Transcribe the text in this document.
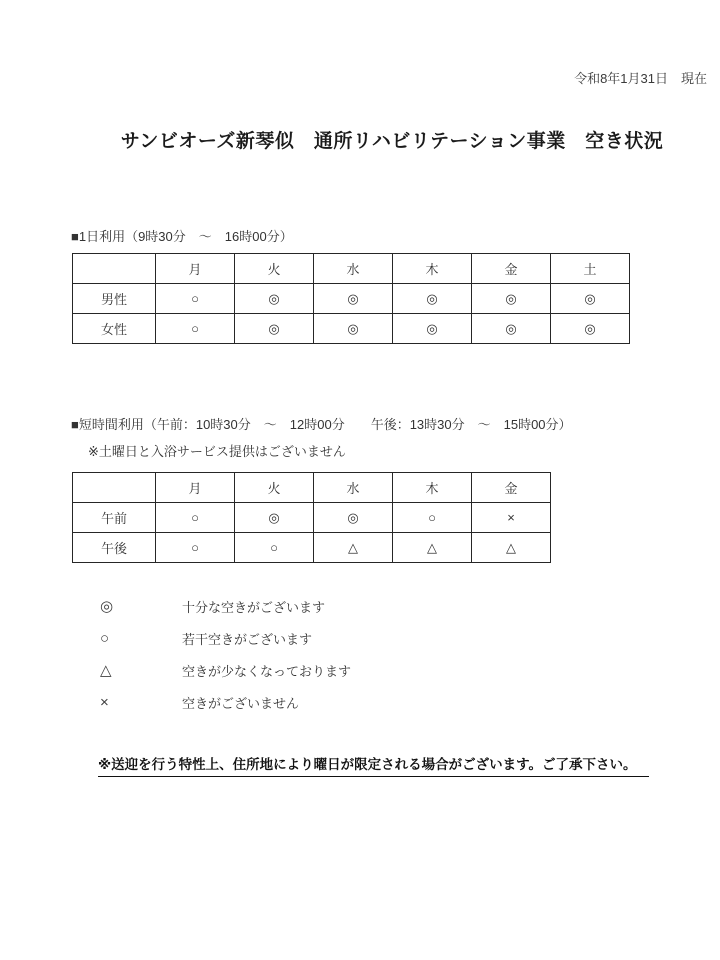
令和8年1月31日　現在
サンビオーズ新琴似　通所リハビリテーション事業　空き状況
■1日利用（9時30分　～　16時00分）
	月	火	水	木	金	土
男性	○	◎	◎	◎	◎	◎
女性	○	◎	◎	◎	◎	◎
■短時間利用（午前：10時30分　～　12時00分　　午後：13時30分　～　15時00分）
※土曜日と入浴サービス提供はございません
	月	火	水	木	金
午前	○	◎	◎	○	×
午後	○	○	△	△	△
◎	十分な空きがございます
○	若干空きがございます
△	空きが少なくなっております
×	空きがございません
※送迎を行う特性上、住所地により曜日が限定される場合がございます。ご了承下さい。
